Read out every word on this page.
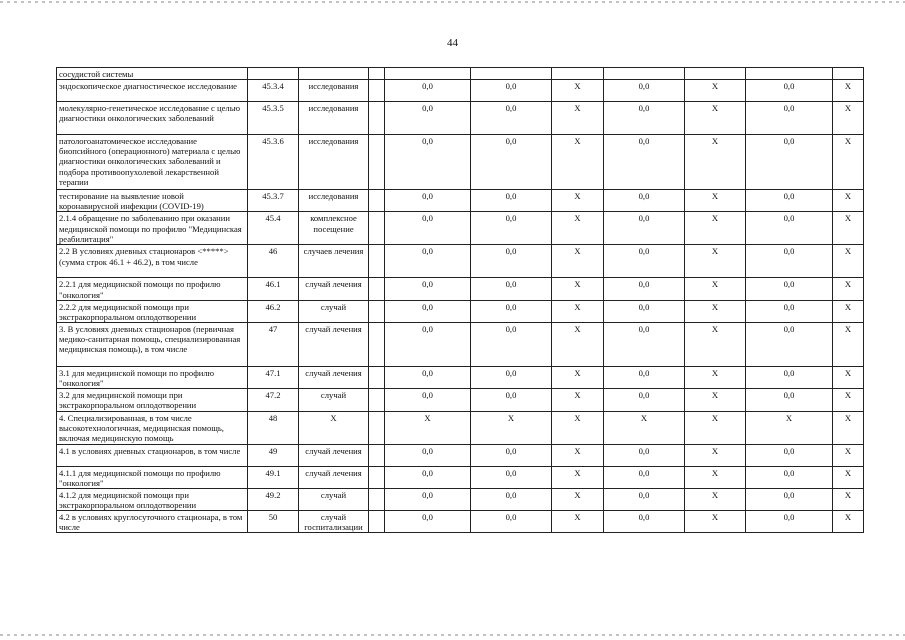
44
сосудистой системы										
эндоскопическое диагностическое исследование	45.3.4	исследования		0,0	0,0	Х	0,0	Х	0,0	Х
молекулярно-генетическое исследование с целью диагностики онкологических заболеваний	45.3.5	исследования		0,0	0,0	Х	0,0	Х	0,0	Х
патологоанатомическое исследование биопсийного (операционного) материала с целью диагностики онкологических заболеваний и подбора противоопухолевой лекарственной терапии	45.3.6	исследования		0,0	0,0	Х	0,0	Х	0,0	Х
тестирование на выявление новой коронавирусной инфекции (COVID-19)	45.3.7	исследования		0,0	0,0	Х	0,0	Х	0,0	Х
2.1.4 обращение по заболеванию при оказании медицинской помощи по профилю "Медицинская реабилитация"	45.4	комплексное посещение		0,0	0,0	Х	0,0	Х	0,0	Х
2.2 В условиях дневных стационаров <*****> (сумма строк 46.1 + 46.2), в том числе	46	случаев лечения		0,0	0,0	Х	0,0	Х	0,0	Х
2.2.1 для медицинской помощи по профилю "онкология"	46.1	случай лечения		0,0	0,0	Х	0,0	Х	0,0	Х
2.2.2 для медицинской помощи при экстракорпоральном оплодотворении	46.2	случай		0,0	0,0	Х	0,0	Х	0,0	Х
3. В условиях дневных стационаров (первичная медико-санитарная помощь, специализированная медицинская помощь), в том числе	47	случай лечения		0,0	0,0	Х	0,0	Х	0,0	Х
3.1 для медицинской помощи по профилю "онкология"	47.1	случай лечения		0,0	0,0	Х	0,0	Х	0,0	Х
3.2 для медицинской помощи при экстракорпоральном оплодотворении	47.2	случай		0,0	0,0	Х	0,0	Х	0,0	Х
4. Специализированная, в том числе высокотехнологичная, медицинская помощь, включая медицинскую помощь	48	Х		Х	Х	Х	Х	Х	Х	Х
4.1 в условиях дневных стационаров, в том числе	49	случай лечения		0,0	0,0	Х	0,0	Х	0,0	Х
4.1.1 для медицинской помощи по профилю "онкология"	49.1	случай лечения		0,0	0,0	Х	0,0	Х	0,0	Х
4.1.2 для медицинской помощи при экстракорпоральном оплодотворении	49.2	случай		0,0	0,0	Х	0,0	Х	0,0	Х
4.2 в условиях круглосуточного стационара, в том числе	50	случай госпитализации		0,0	0,0	Х	0,0	Х	0,0	Х
